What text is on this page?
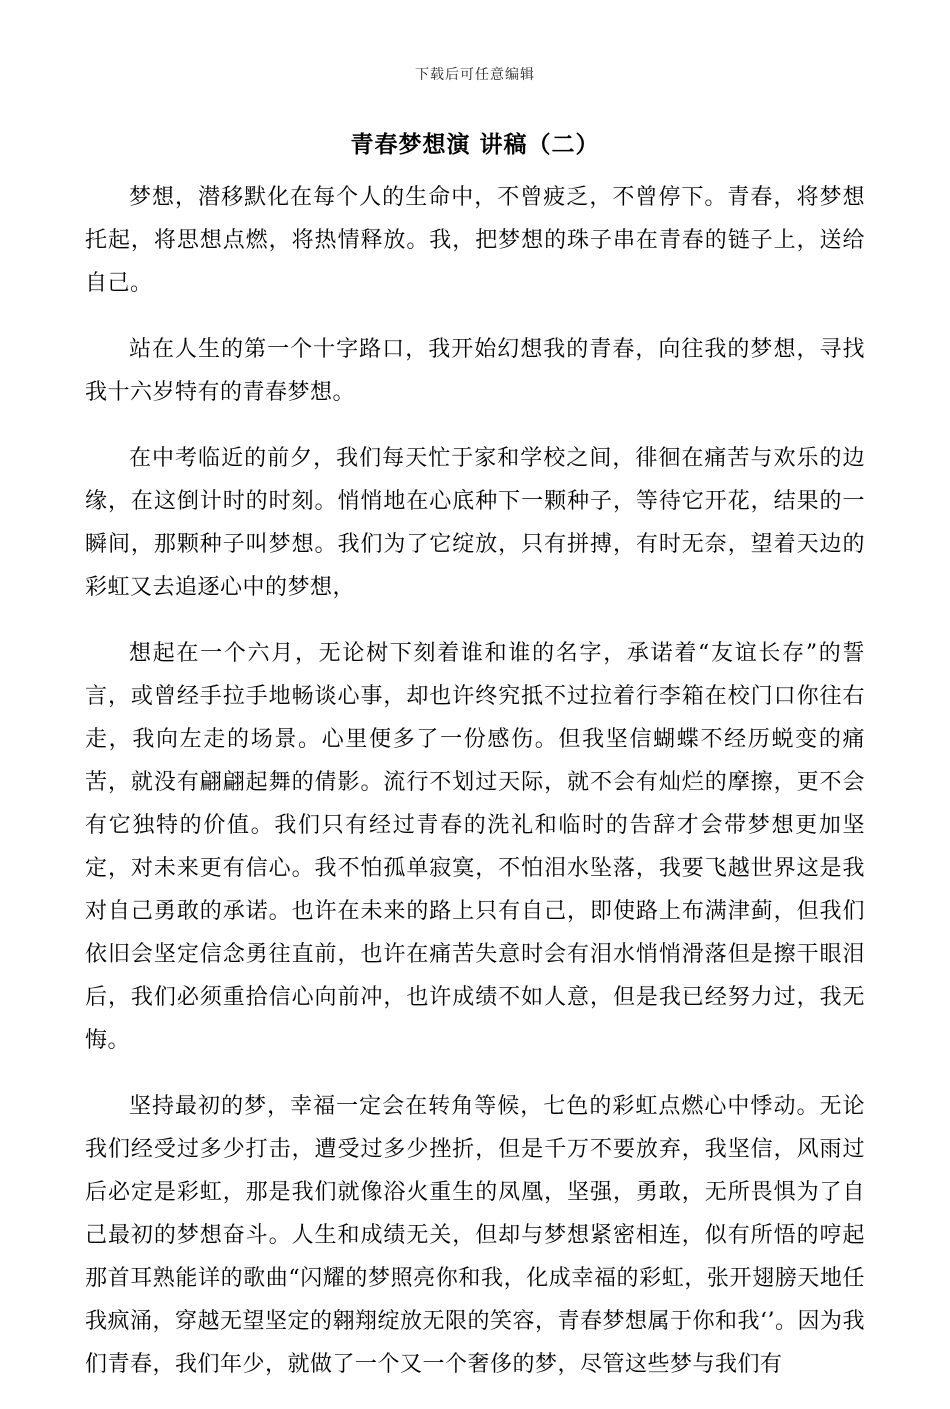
下载后可任意编辑
青春梦想演 讲稿（二）

梦想，潜移默化在每个人的生命中，不曾疲乏，不曾停下。青春，将梦想托起，将思想点燃，将热情释放。我，把梦想的珠子串在青春的链子上，送给自己。

站在人生的第一个十字路口，我开始幻想我的青春，向往我的梦想，寻找我十六岁特有的青春梦想。

在中考临近的前夕，我们每天忙于家和学校之间，徘徊在痛苦与欢乐的边缘，在这倒计时的时刻。悄悄地在心底种下一颗种子，等待它开花，结果的一瞬间，那颗种子叫梦想。我们为了它绽放，只有拼搏，有时无奈，望着天边的彩虹又去追逐心中的梦想，

想起在一个六月，无论树下刻着谁和谁的名字，承诺着“友谊长存”的誓言，或曾经手拉手地畅谈心事，却也许终究抵不过拉着行李箱在校门口你往右走，我向左走的场景。心里便多了一份感伤。但我坚信蝴蝶不经历蜕变的痛苦，就没有翩翩起舞的倩影。流行不划过天际，就不会有灿烂的摩擦，更不会有它独特的价值。我们只有经过青春的洗礼和临时的告辞才会带梦想更加坚定，对未来更有信心。我不怕孤单寂寞，不怕泪水坠落，我要飞越世界这是我对自己勇敢的承诺。也许在未来的路上只有自己，即使路上布满津蓟，但我们依旧会坚定信念勇往直前，也许在痛苦失意时会有泪水悄悄滑落但是擦干眼泪后，我们必须重拾信心向前冲，也许成绩不如人意，但是我已经努力过，我无悔。

坚持最初的梦，幸福一定会在转角等候，七色的彩虹点燃心中悸动。无论我们经受过多少打击，遭受过多少挫折，但是千万不要放弃，我坚信，风雨过后必定是彩虹，那是我们就像浴火重生的凤凰，坚强，勇敢，无所畏惧为了自己最初的梦想奋斗。人生和成绩无关，但却与梦想紧密相连，似有所悟的哼起那首耳熟能详的歌曲“闪耀的梦照亮你和我，化成幸福的彩虹，张开翅膀天地任我疯涌，穿越无望坚定的翱翔绽放无限的笑容，青春梦想属于你和我‘’。因为我们青春，我们年少，就做了一个又一个奢侈的梦，尽管这些梦与我们有
